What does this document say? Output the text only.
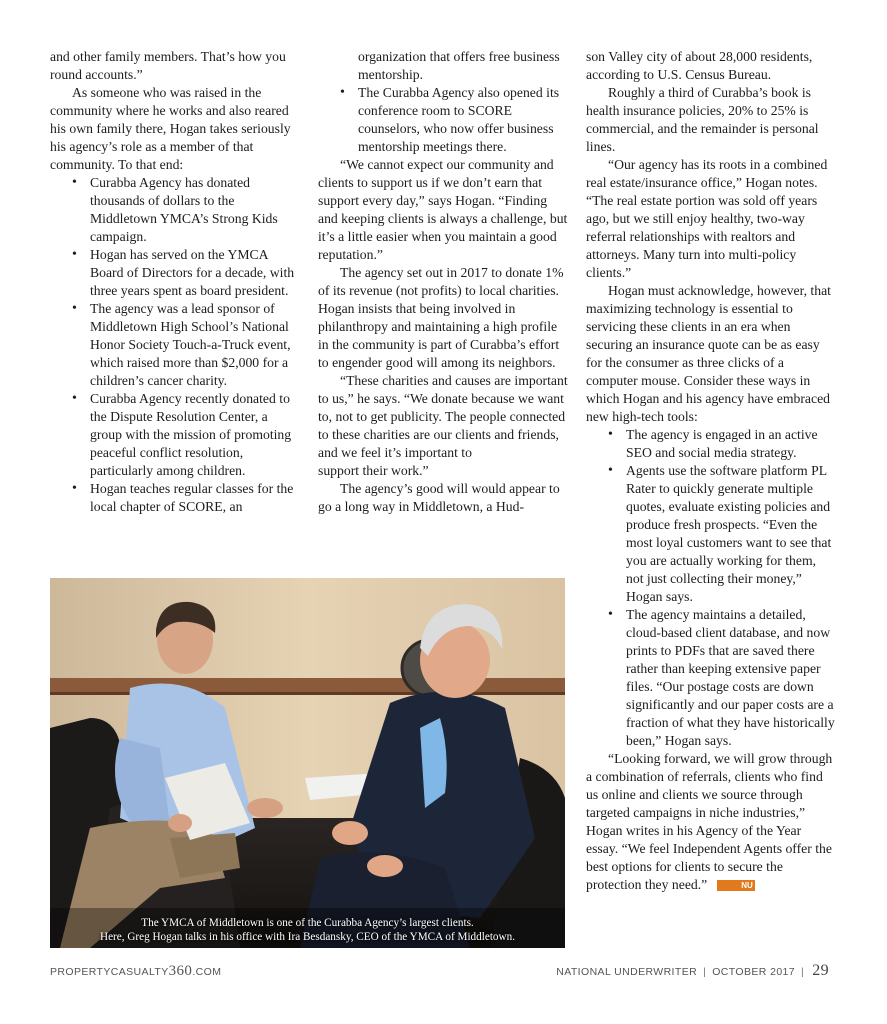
and other family members. That’s how you round accounts.”

As someone who was raised in the community where he works and also reared his own family there, Hogan takes seriously his agency’s role as a member of that community. To that end:

• Curabba Agency has donated thousands of dollars to the Middletown YMCA’s Strong Kids campaign.
• Hogan has served on the YMCA Board of Directors for a decade, with three years spent as board president.
• The agency was a lead sponsor of Middletown High School’s National Honor Society Touch-a-Truck event, which raised more than $2,000 for a children’s cancer charity.
• Curabba Agency recently donated to the Dispute Resolution Center, a group with the mission of promoting peaceful conflict resolution, particularly among children.
• Hogan teaches regular classes for the local chapter of SCORE, an

organization that offers free business mentorship.

• The Curabba Agency also opened its conference room to SCORE counselors, who now offer business mentorship meetings there.

“We cannot expect our community and clients to support us if we don’t earn that support every day,” says Hogan. “Finding and keeping clients is always a challenge, but it’s a little easier when you maintain a good reputation.”

The agency set out in 2017 to donate 1% of its revenue (not profits) to local charities. Hogan insists that being involved in philanthropy and maintaining a high profile in the community is part of Curabba’s effort to engender good will among its neighbors.

“These charities and causes are important to us,” he says. “We donate because we want to, not to get publicity. The people connected to these charities are our clients and friends, and we feel it’s important to

support their work.”

The agency’s good will would appear to go a long way in Middletown, a Hud-

son Valley city of about 28,000 residents, according to U.S. Census Bureau.

Roughly a third of Curabba’s book is health insurance policies, 20% to 25% is commercial, and the remainder is personal lines.

“Our agency has its roots in a combined real estate/insurance office,” Hogan notes. “The real estate portion was sold off years ago, but we still enjoy healthy, two-way referral relationships with realtors and attorneys. Many turn into multi-policy clients.”

Hogan must acknowledge, however, that maximizing technology is essential to servicing these clients in an era when securing an insurance quote can be as easy for the consumer as three clicks of a computer mouse. Consider these ways in which Hogan and his agency have embraced new high-tech tools:

• The agency is engaged in an active SEO and social media strategy.
• Agents use the software platform PL Rater to quickly generate multiple quotes, evaluate existing policies and produce fresh prospects. “Even the most loyal customers want to see that you are actually working for them, not just collecting their money,” Hogan says.
• The agency maintains a detailed, cloud-based client database, and now prints to PDFs that are saved there rather than keeping extensive paper files. “Our postage costs are down significantly and our paper costs are a fraction of what they have historically been,” Hogan says.

“Looking forward, we will grow through a combination of referrals, clients who find us online and clients we source through targeted campaigns in niche industries,” Hogan writes in his Agency of the Year essay. “We feel Independent Agents offer the best options for clients to secure the protection they need.”	NU

The YMCA of Middletown is one of the Curabba Agency’s largest clients.

Here, Greg Hogan talks in his office with Ira Besdansky, CEO of the YMCA of Middletown.

PROPERTYCASUALTY360.COM	NATIONAL UNDERWRITER | OCTOBER 2017 | 29
